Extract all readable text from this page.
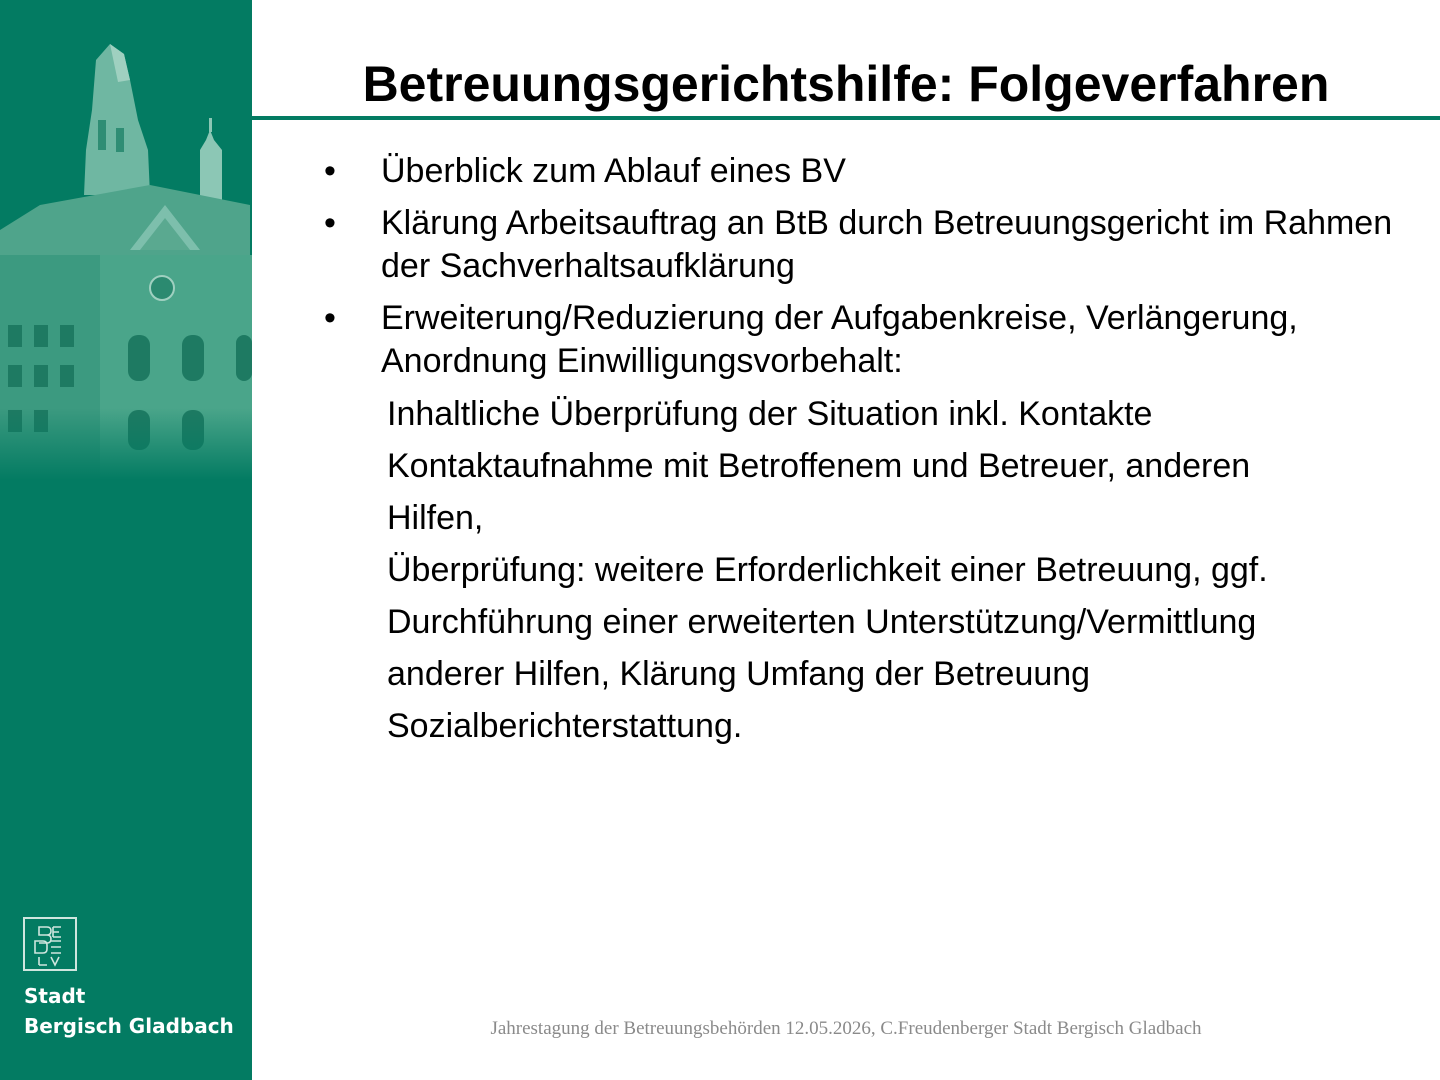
Stadt
Bergisch Gladbach
Betreuungsgerichtshilfe: Folgeverfahren
• Überblick zum Ablauf eines BV
• Klärung Arbeitsauftrag an BtB durch Betreuungsgericht im Rahmen der Sachverhaltsaufklärung
• Erweiterung/Reduzierung der Aufgabenkreise, Verlängerung, Anordnung Einwilligungsvorbehalt:
Inhaltliche Überprüfung der Situation inkl. Kontakte
Kontaktaufnahme mit Betroffenem und Betreuer, anderen
Hilfen,
Überprüfung: weitere Erforderlichkeit einer Betreuung, ggf.
Durchführung einer erweiterten Unterstützung/Vermittlung
anderer Hilfen, Klärung Umfang der Betreuung
Sozialberichterstattung.
Jahrestagung der Betreuungsbehörden 12.05.2026, C.Freudenberger Stadt Bergisch Gladbach
